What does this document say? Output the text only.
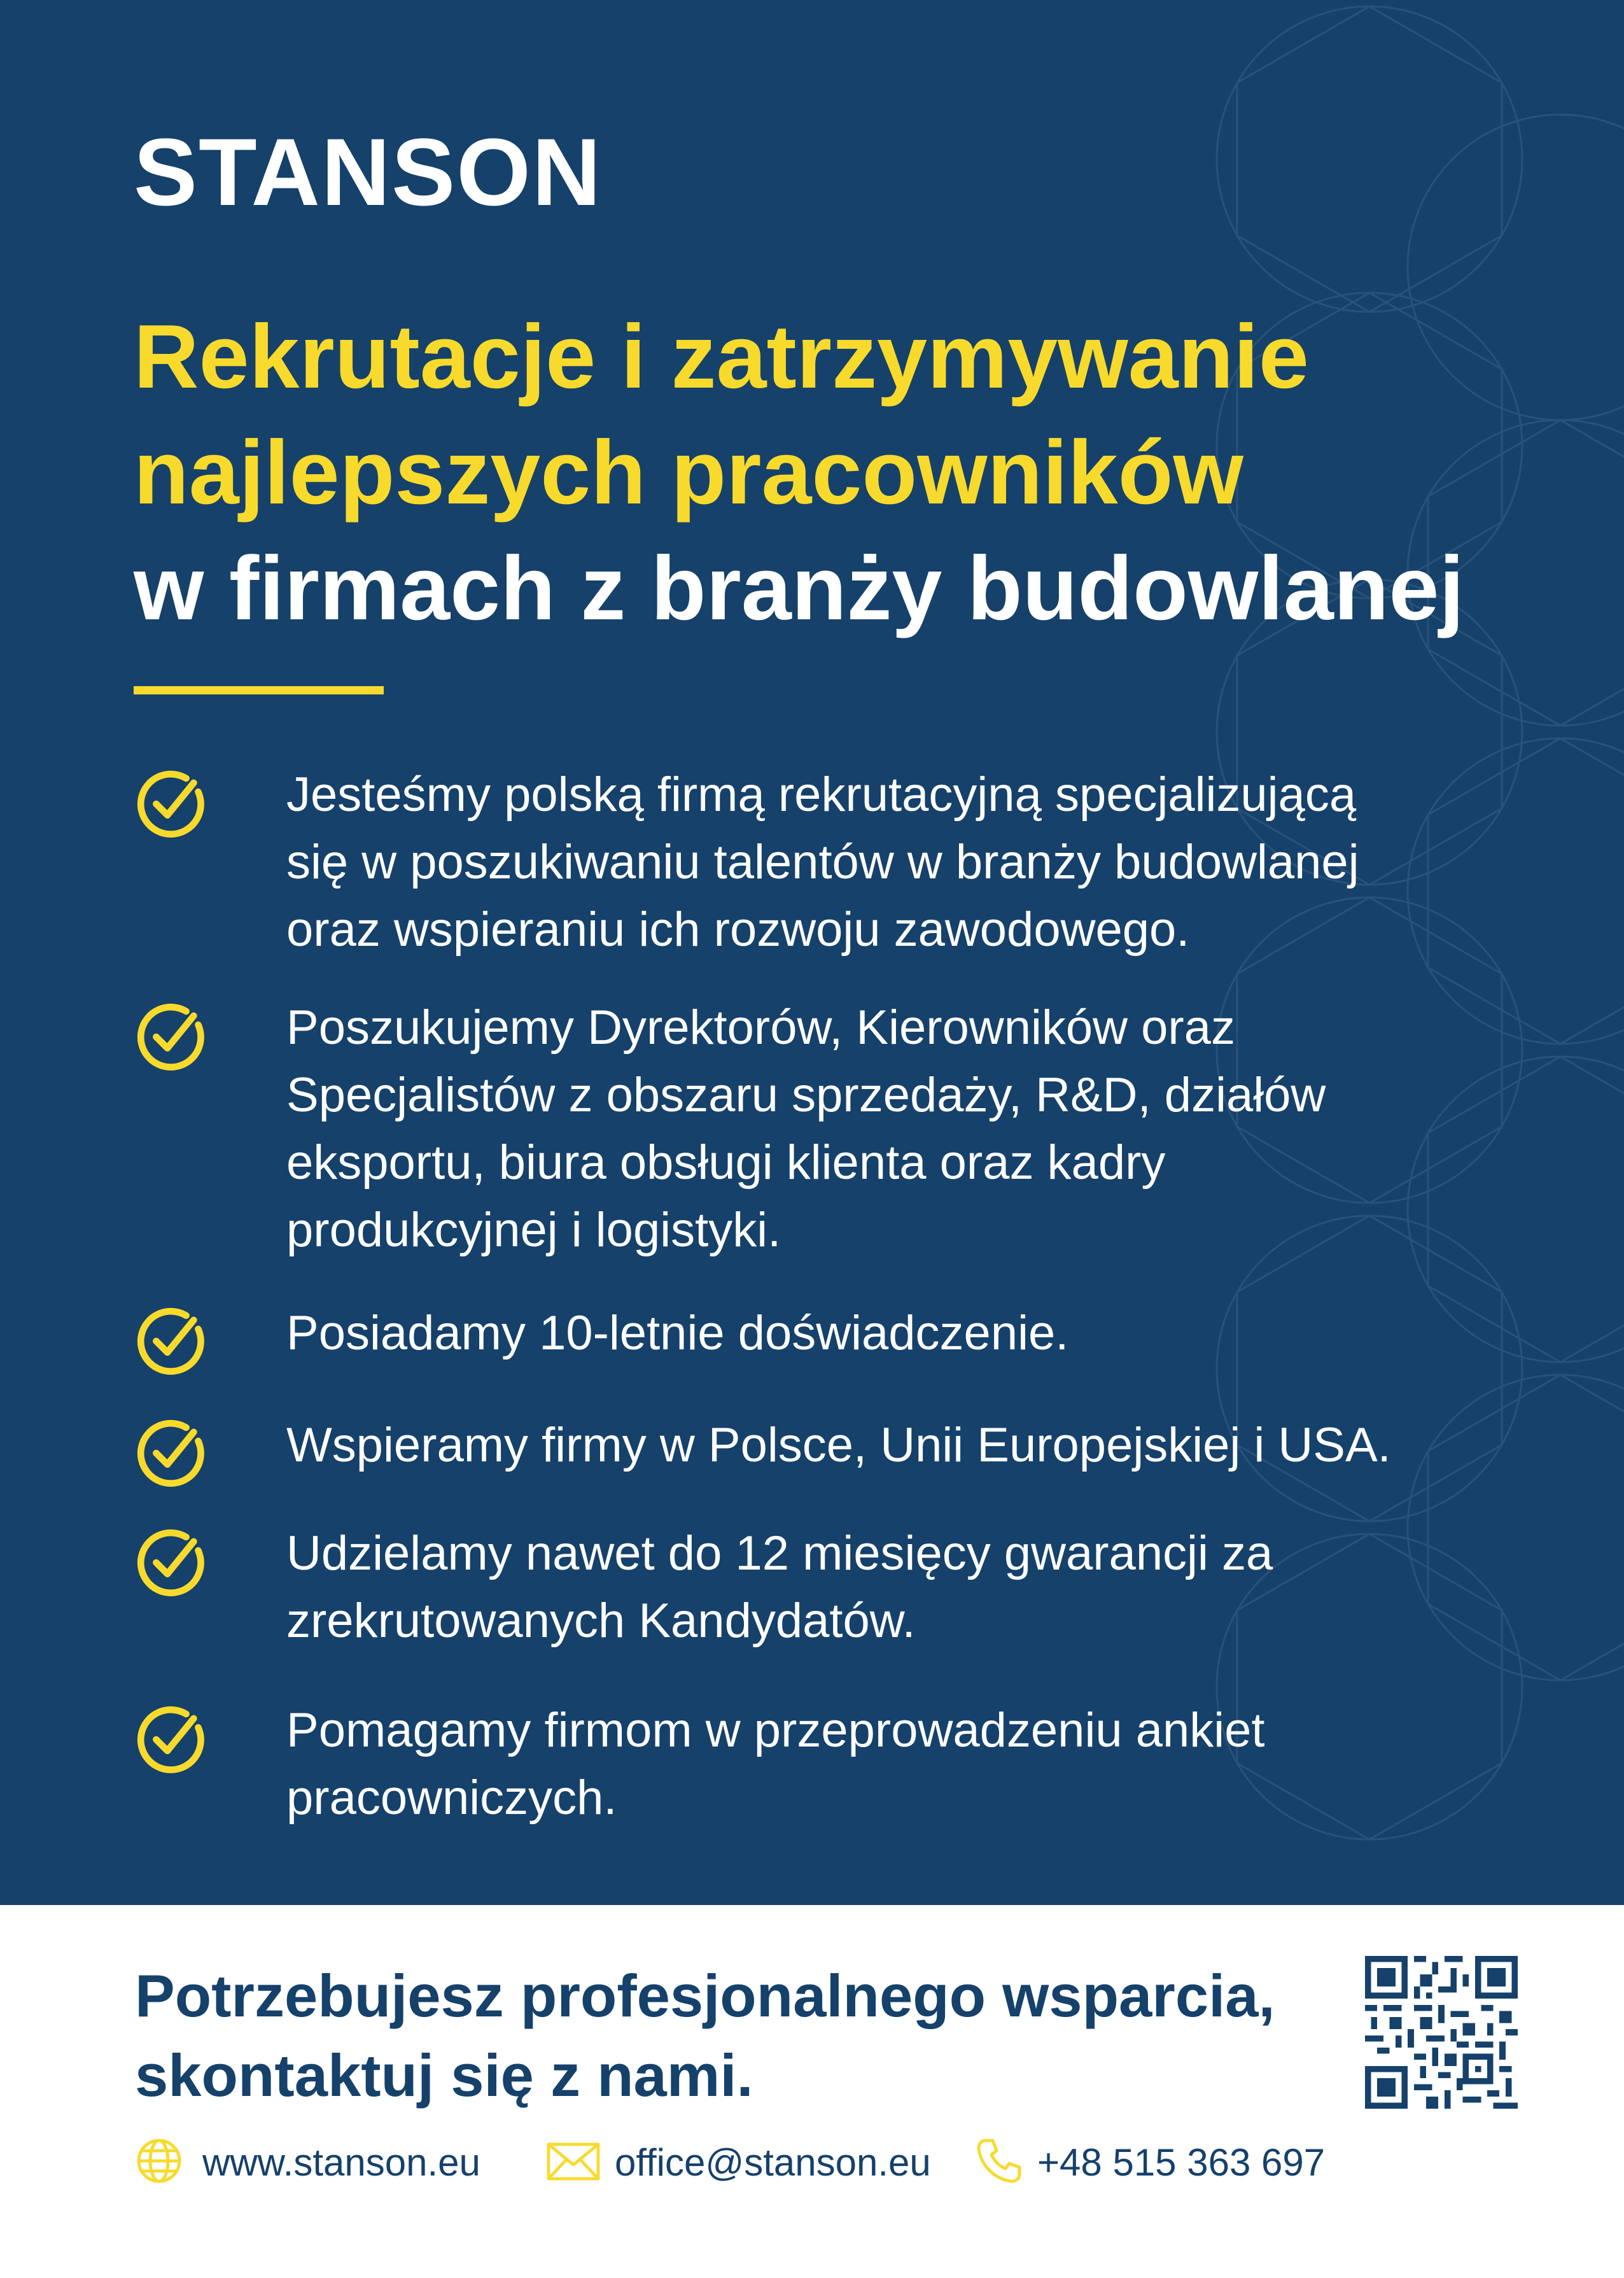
STANSON
Rekrutacje i zatrzymywanie
najlepszych pracowników
w firmach z branży budowlanej
Jesteśmy polską firmą rekrutacyjną specjalizującą
się w poszukiwaniu talentów w branży budowlanej
oraz wspieraniu ich rozwoju zawodowego.
Poszukujemy Dyrektorów, Kierowników oraz
Specjalistów z obszaru sprzedaży, R&D, działów
eksportu, biura obsługi klienta oraz kadry
produkcyjnej i logistyki.
Posiadamy 10-letnie doświadczenie.
Wspieramy firmy w Polsce, Unii Europejskiej i USA.
Udzielamy nawet do 12 miesięcy gwarancji za
zrekrutowanych Kandydatów.
Pomagamy firmom w przeprowadzeniu ankiet
pracowniczych.
Potrzebujesz profesjonalnego wsparcia,
skontaktuj się z nami.
www.stanson.eu	office@stanson.eu	+48 515 363 697
